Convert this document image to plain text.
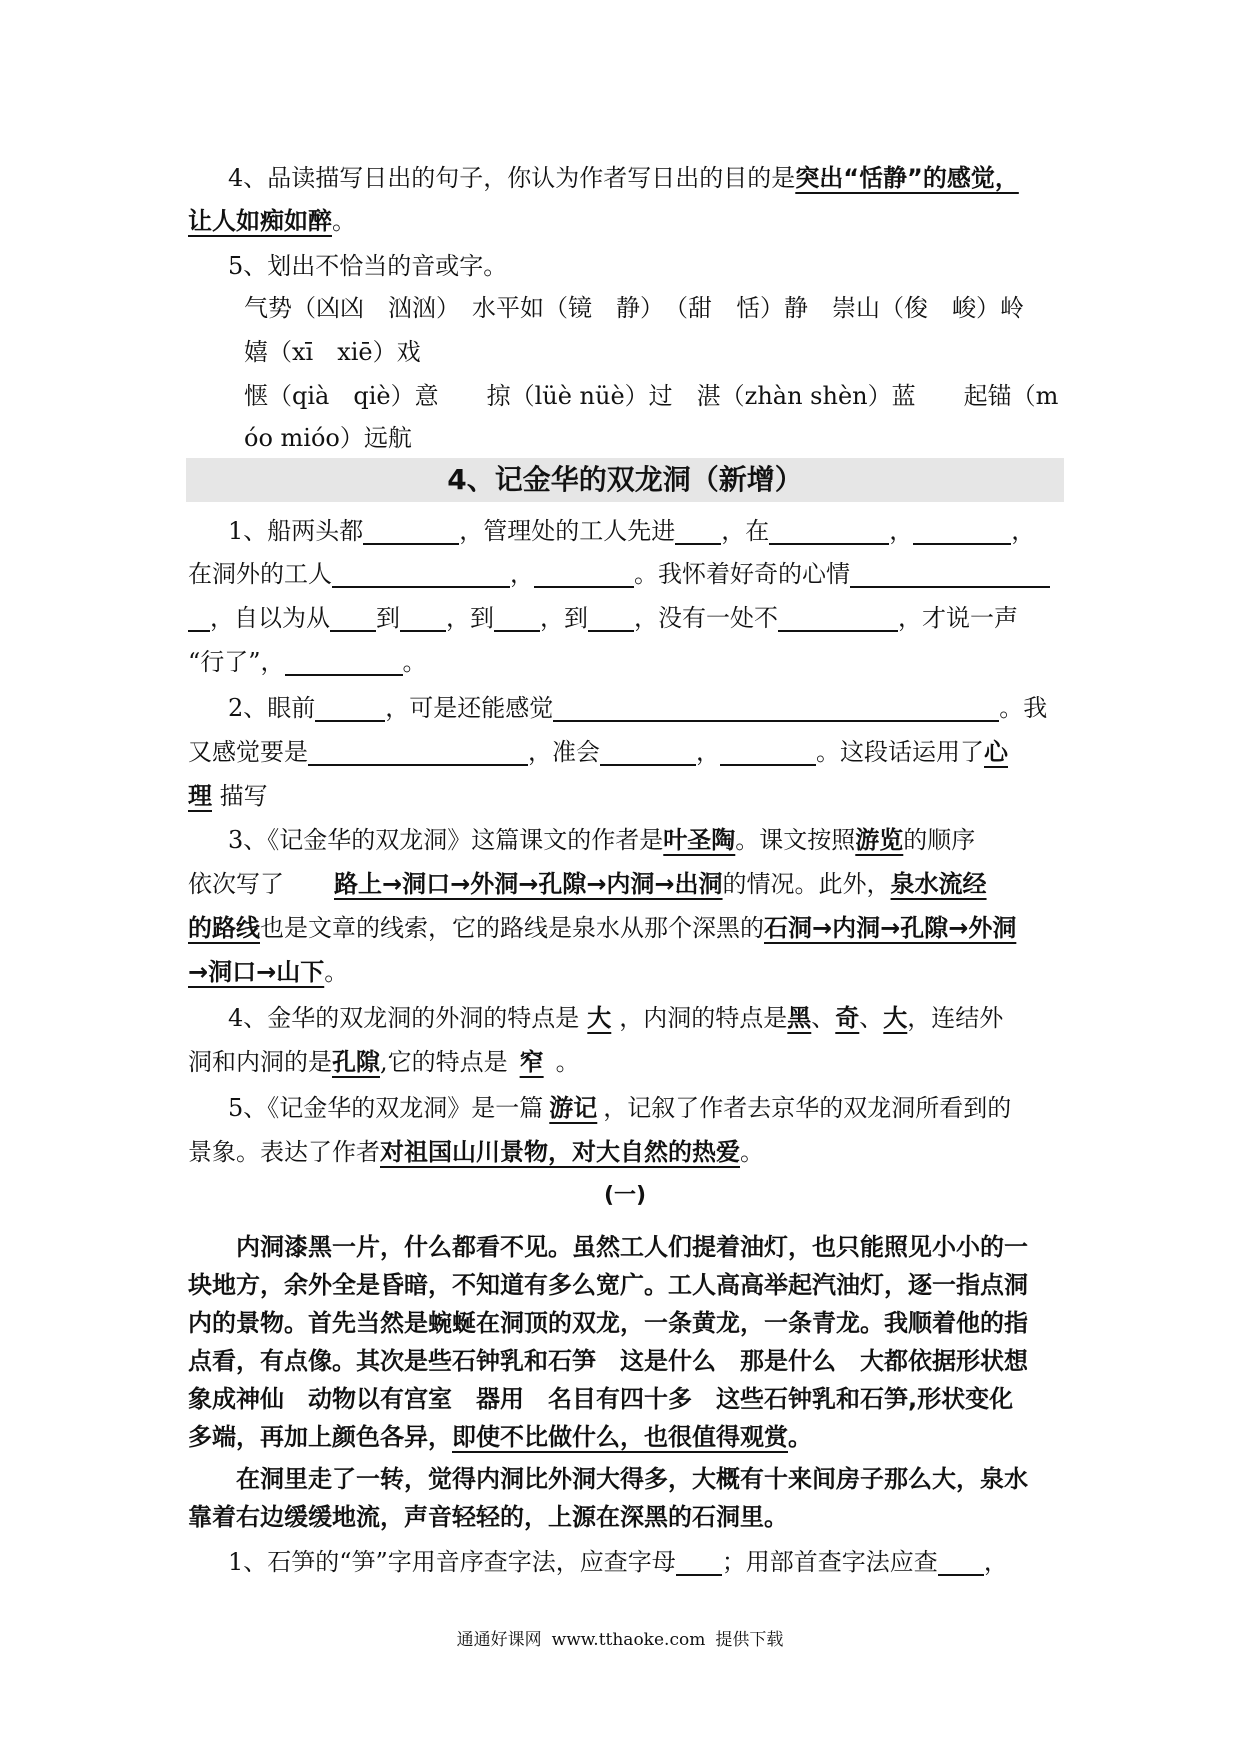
4、品读描写日出的句子，你认为作者写日出的目的是突出“恬静”的感觉，
让人如痴如醉。
5、划出不恰当的音或字。
气势（凶凶　汹汹）　水平如（镜　静）　（甜　恬）静　崇山（俊　峻）岭
嬉（xī　xiē）戏
惬（qià　qiè）意　　掠（lüè nüè）过　湛（zhàn shèn）蓝　　起锚（m
óo mióo）远航
4、记金华的双龙洞（新增）
1、船两头都	，管理处的工人先进 ，在	，	，
在洞外的工人	，	。我怀着好奇的心情
，自以为从 到 ，到 ，到 ，没有一处不	，才说一声
“行了”，	。
2、眼前	，可是还能感觉	。我
又感觉要是	，准会	，	。这段话运用了心
理 描写
3、《记金华的双龙洞》这篇课文的作者是叶圣陶。课文按照游览的顺序
依次写了 路上→洞口→外洞→孔隙→内洞→出洞的情况。此外，泉水流经
的路线也是文章的线索，它的路线是泉水从那个深黑的石洞→内洞→孔隙→外洞
→洞口→山下。
4、金华的双龙洞的外洞的特点是 大 ，内洞的特点是黑、奇、大，连结外
洞和内洞的是孔隙,它的特点是 窄 。
5、《记金华的双龙洞》是一篇 游记 ，记叙了作者去京华的双龙洞所看到的
景象。表达了作者对祖国山川景物，对大自然的热爱。
(一)
内洞漆黑一片，什么都看不见。虽然工人们提着油灯，也只能照见小小的一
块地方，余外全是昏暗，不知道有多么宽广。工人高高举起汽油灯，逐一指点洞
内的景物。首先当然是蜿蜒在洞顶的双龙，一条黄龙，一条青龙。我顺着他的指
点看，有点像。其次是些石钟乳和石笋　这是什么　那是什么　大都依据形状想
象成神仙　动物以有宫室　器用　名目有四十多　这些石钟乳和石笋,形状变化
多端，再加上颜色各异，即使不比做什么，也很值得观赏。
在洞里走了一转，觉得内洞比外洞大得多，大概有十来间房子那么大，泉水
靠着右边缓缓地流，声音轻轻的，上源在深黑的石洞里。
1、石笋的“笋”字用音序查字法，应查字母 ；用部首查字法应查 ，
通通好课网 www.tthaoke.com 提供下载
